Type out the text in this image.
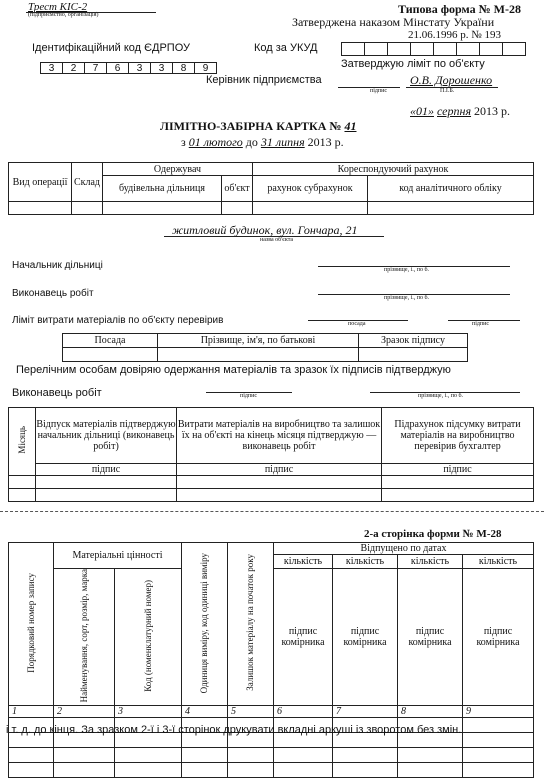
Трест КІС-2
(підприємство, організація)	Типова форма № М-28
Затверджена наказом Мінстату України
21.06.1996 р. № 193
Ідентифікаційний код ЄДРПОУ
3 2 7 6 3 3 8 9
Код за УКУД
Затверджую ліміт по об'єкту
Керівник підприємства
підпис
О.В. Дорошенко
П.І.Б.
«01» серпня 2013 р.
ЛІМІТНО-ЗАБІРНА КАРТКА № 41
з 01 лютого до 31 липня 2013 р.
Вид операції	Склад	Одержувач		Кореспондуючий рахунок	
		будівельна дільниця	об'єкт	рахунок субрахунок	код аналітичного обліку

житловий будинок, вул. Гончара, 21
назва об'єкта
Начальник дільниці	прізвище, і., по б.
Виконавець робіт	прізвище, і., по б.
Ліміт витрати матеріалів по об'єкту перевірив	посада	підпис
Посада	Прізвище, ім'я, по батькові	Зразок підпису

Перелічним особам довіряю одержання матеріалів та зразок їх підписів підтверджую
Виконавець робіт	підпис	прізвище, і., по б.
Місяць	Відпуск матеріалів підтверджую начальник дільниці (виконавець робіт)	Витрати матеріалів на виробництво та залишок їх на об'єкті на кінець місяця підтверджую — виконавець робіт	Підрахунок підсумку витрати матеріалів на виробництво перевірив бухгалтер
	підпис	підпис	підпис

2-а сторінка форми № М-28
Порядковий номер запису	Матеріальні цінності		Одиниця виміру, код одиниці виміру	Залишок матеріалу на початок року	Відпущено по датах			
					кількість	кількість	кількість	кількість
	Найменування, сорт, розмір, марка	Код (номенклатурний номер)			підпис комірника	підпис комірника	підпис комірника	підпис комірника
1	2	3	4	5	6	7	8	9

і т. д. до кінця. За зразком 2-ї і 3-ї сторінок друкувати вкладні аркуші із зворотом без змін.
